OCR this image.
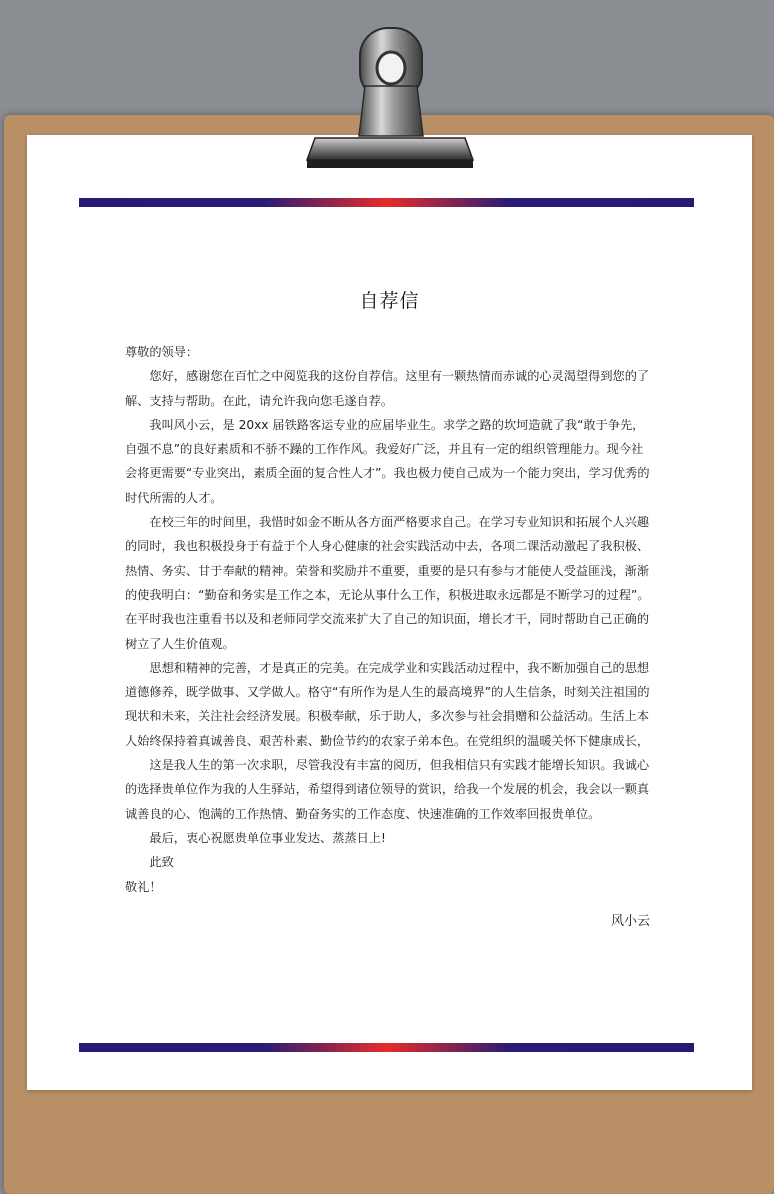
自荐信

尊敬的领导：

您好，感谢您在百忙之中阅览我的这份自荐信。这里有一颗热情而赤诚的心灵渴望得到您的了解、支持与帮助。在此，请允许我向您毛遂自荐。

我叫风小云，是 20xx 届铁路客运专业的应届毕业生。求学之路的坎坷造就了我“敢于争先，自强不息”的良好素质和不骄不躁的工作作风。我爱好广泛，并且有一定的组织管理能力。现今社会将更需要“专业突出，素质全面的复合性人才”。我也极力使自己成为一个能力突出，学习优秀的时代所需的人才。

在校三年的时间里，我惜时如金不断从各方面严格要求自己。在学习专业知识和拓展个人兴趣的同时，我也积极投身于有益于个人身心健康的社会实践活动中去，各项二课活动激起了我积极、热情、务实、甘于奉献的精神。荣誉和奖励并不重要，重要的是只有参与才能使人受益匪浅，渐渐的使我明白：“勤奋和务实是工作之本，无论从事什么工作，积极进取永远都是不断学习的过程”。在平时我也注重看书以及和老师同学交流来扩大了自己的知识面，增长才干，同时帮助自己正确的树立了人生价值观。

思想和精神的完善，才是真正的完美。在完成学业和实践活动过程中，我不断加强自己的思想道德修养，既学做事、又学做人。格守“有所作为是人生的最高境界”的人生信条，时刻关注祖国的现状和未来，关注社会经济发展。积极奉献，乐于助人，多次参与社会捐赠和公益活动。生活上本人始终保持着真诚善良、艰苦朴素、勤俭节约的农家子弟本色。在党组织的温暖关怀下健康成长，

这是我人生的第一次求职，尽管我没有丰富的阅历，但我相信只有实践才能增长知识。我诚心的选择贵单位作为我的人生驿站，希望得到诸位领导的赏识，给我一个发展的机会，我会以一颗真诚善良的心、饱满的工作热情、勤奋务实的工作态度、快速准确的工作效率回报贵单位。

最后，衷心祝愿贵单位事业发达、蒸蒸日上!

此致

敬礼！

风小云
